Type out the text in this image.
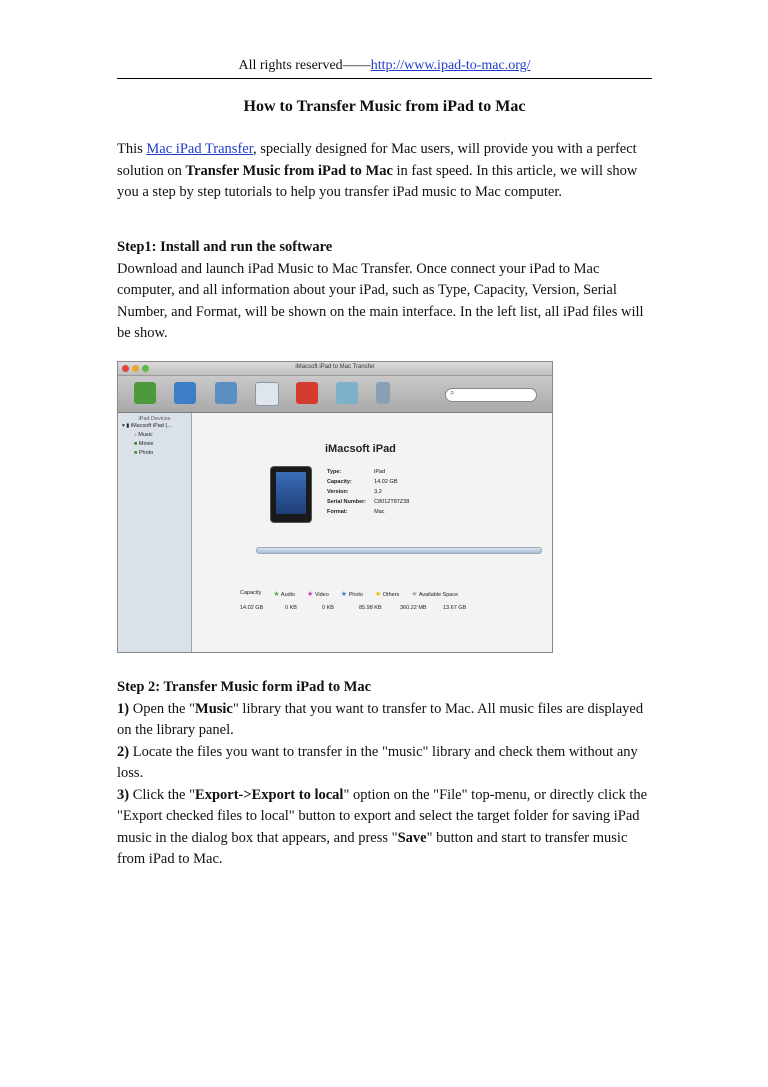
All rights reserved——http://www.ipad-to-mac.org/
How to Transfer Music from iPad to Mac
This Mac iPad Transfer, specially designed for Mac users, will provide you with a perfect solution on Transfer Music from iPad to Mac in fast speed. In this article, we will show you a step by step tutorials to help you transfer iPad music to Mac computer.
Step1: Install and run the software
Download and launch iPad Music to Mac Transfer. Once connect your iPad to Mac computer, and all information about your iPad, such as Type, Capacity, Version, Serial Number, and Format, will be shown on the main interface. In the left list, all iPad files will be show.
iMacsoft iPad to Mac Transfer
⌕
iPad Devices
▾ ▮ iMacsoft iPad (...
♪ Music
■ Movie
■ Photo	iMacsoft iPad
Type:	iPad
Capacity:	14.02 GB
Version:	3.2
Serial Number:	C8012T87Z38
Format:	Mac
Capacity ★ Audio ★ Video ★ Photo ★ Others ★ Available Space
14.02 GB	0 KB	0 KB	85.98 KB	360.22 MB	13.67 GB
Step 2: Transfer Music form iPad to Mac
1) Open the "Music" library that you want to transfer to Mac. All music files are displayed on the library panel.
2) Locate the files you want to transfer in the "music" library and check them without any loss.
3) Click the "Export->Export to local" option on the "File" top-menu, or directly click the "Export checked files to local" button to export and select the target folder for saving iPad music in the dialog box that appears, and press "Save" button and start to transfer music from iPad to Mac.
